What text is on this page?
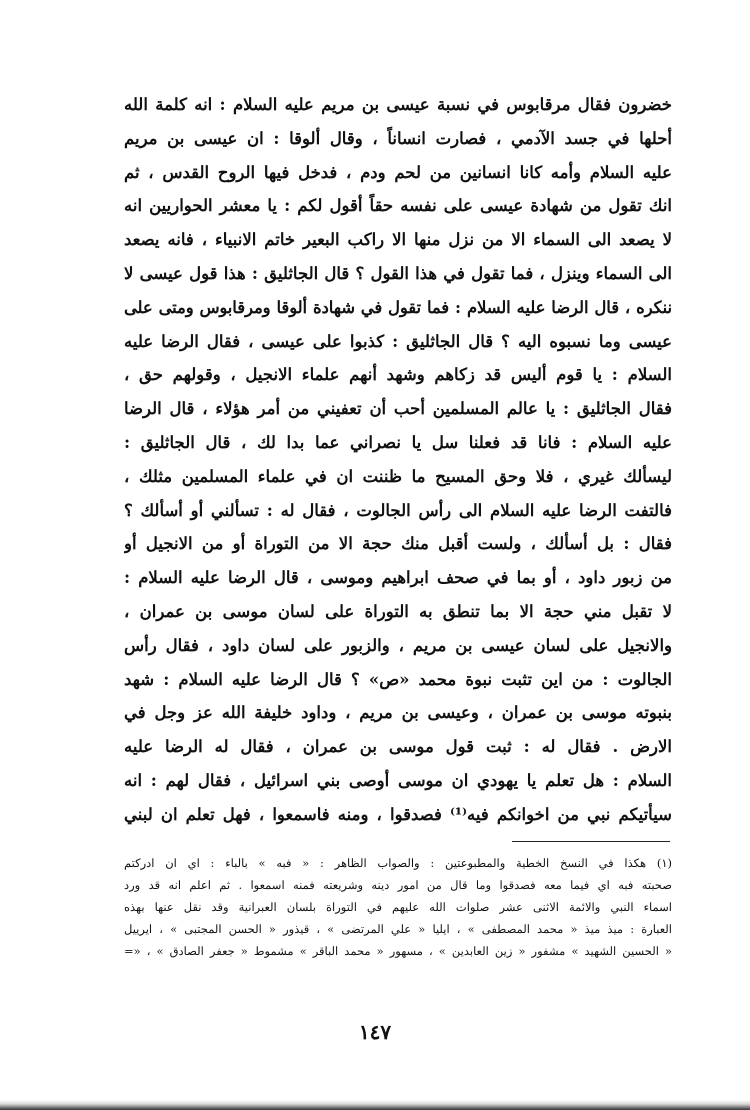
خضرون فقال مرقابوس في نسبة عيسى بن مريم عليه السلام : انه كلمة الله
أحلها في جسد الآدمي ، فصارت انساناً ، وقال ألوقا : ان عيسى بن مريم
عليه السلام وأمه كانا انسانين من لحم ودم ، فدخل فيها الروح القدس ، ثم
انك تقول من شهادة عيسى على نفسه حقاً أقول لكم : يا معشر الحواريين انه
لا يصعد الى السماء الا من نزل منها الا راكب البعير خاتم الانبياء ، فانه يصعد
الى السماء وينزل ، فما تقول في هذا القول ؟ قال الجاثليق : هذا قول عيسى لا
ننكره ، قال الرضا عليه السلام : فما تقول في شهادة ألوقا ومرقابوس ومتى على
عيسى وما نسبوه اليه ؟ قال الجاثليق : كذبوا على عيسى ، فقال الرضا عليه
السلام : يا قوم أليس قد زكاهم وشهد أنهم علماء الانجيل ، وقولهم حق ،
فقال الجاثليق : يا عالم المسلمين أحب أن تعفيني من أمر هؤلاء ، قال الرضا
عليه السلام : فانا قد فعلنا سل يا نصراني عما بدا لك ، قال الجاثليق :
ليسألك غيري ، فلا وحق المسيح ما ظننت ان في علماء المسلمين مثلك ،
فالتفت الرضا عليه السلام الى رأس الجالوت ، فقال له : تسألني أو أسألك ؟
فقال : بل أسألك ، ولست أقبل منك حجة الا من التوراة أو من الانجيل أو
من زبور داود ، أو بما في صحف ابراهيم وموسى ، قال الرضا عليه السلام :
لا تقبل مني حجة الا بما تنطق به التوراة على لسان موسى بن عمران ،
والانجيل على لسان عيسى بن مريم ، والزبور على لسان داود ، فقال رأس
الجالوت : من اين تثبت نبوة محمد «ص» ؟ قال الرضا عليه السلام : شهد
بنبوته موسى بن عمران ، وعيسى بن مريم ، وداود خليفة الله عز وجل في
الارض . فقال له : ثبت قول موسى بن عمران ، فقال له الرضا عليه
السلام : هل تعلم يا يهودي ان موسى أوصى بني اسرائيل ، فقال لهم : انه
سيأتيكم نبي من اخوانكم فيه⁽¹⁾ فصدقوا ، ومنه فاسمعوا ، فهل تعلم ان لبني
(١) هكذا في النسخ الخطية والمطبوعتين : والصواب الظاهر : « فبه » بالباء : اي ان ادركتم
صحبته فبه اي فيما معه فصدقوا وما قال من امور دينه وشريعته فمنه اسمعوا . ثم اعلم انه قد ورد
اسماء النبي والائمة الاثنى عشر صلوات الله عليهم في التوراة بلسان العبرانية وقد نقل عنها بهذه
العبارة : ميذ ميذ « محمد المصطفى » ، ايليا « علي المرتضى » ، قيذور « الحسن المجتبى » ، ايرييل
« الحسين الشهيد » مشفور « زين العابدين » ، مسهور « محمد الباقر » مشموط « جعفر الصادق » ، «=
١٤٧
